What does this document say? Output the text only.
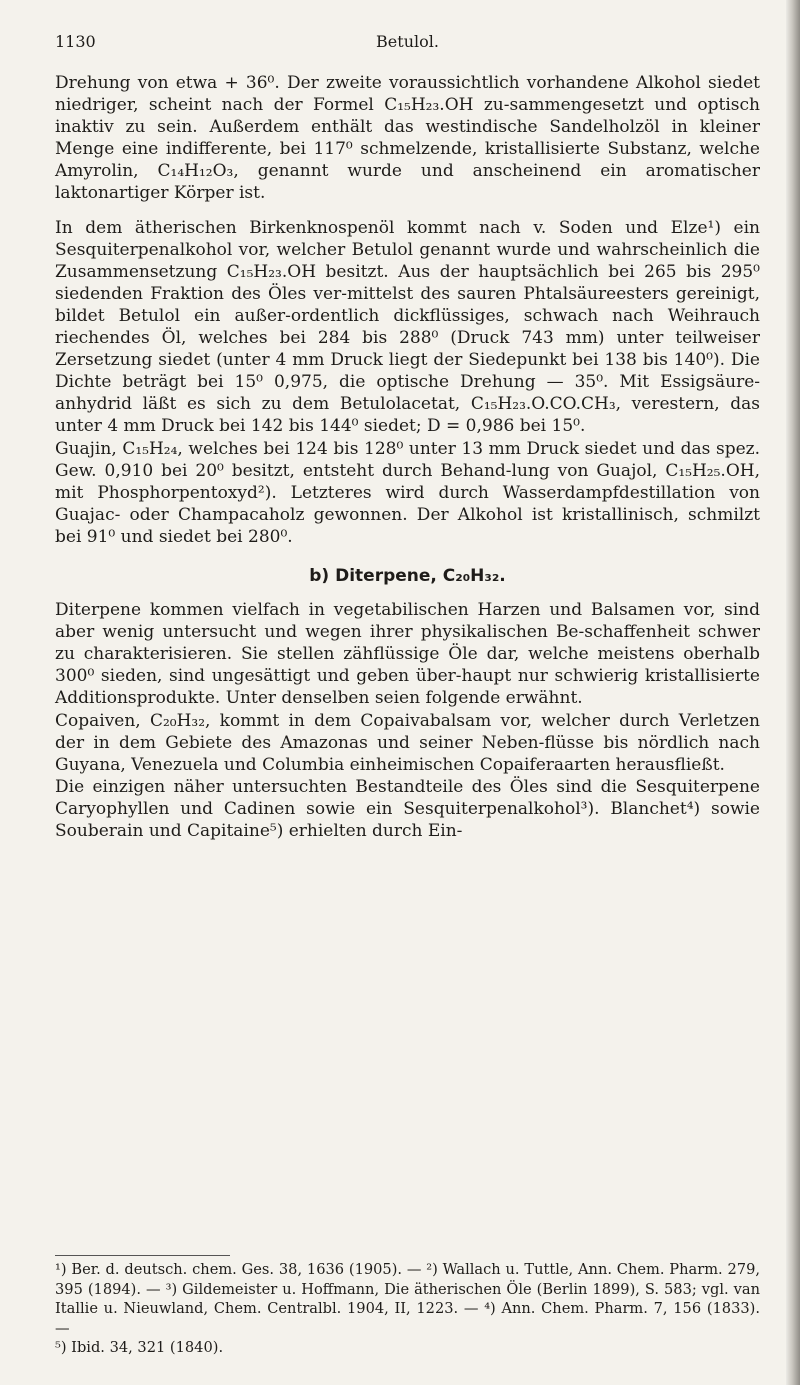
1130	Betulol.

Drehung von etwa + 36⁰. Der zweite voraussichtlich vorhandene Alkohol siedet niedriger, scheint nach der Formel C₁₅H₂₃.OH zu-sammengesetzt und optisch inaktiv zu sein. Außerdem enthält das westindische Sandelholzöl in kleiner Menge eine indifferente, bei 117⁰ schmelzende, kristallisierte Substanz, welche Amyrolin, C₁₄H₁₂O₃, genannt wurde und anscheinend ein aromatischer laktonartiger Körper ist.

In dem ätherischen Birkenknospenöl kommt nach v. Soden und Elze¹) ein Sesquiterpenalkohol vor, welcher Betulol genannt wurde und wahrscheinlich die Zusammensetzung C₁₅H₂₃.OH besitzt. Aus der hauptsächlich bei 265 bis 295⁰ siedenden Fraktion des Öles ver-mittelst des sauren Phtalsäureesters gereinigt, bildet Betulol ein außer-ordentlich dickflüssiges, schwach nach Weihrauch riechendes Öl, welches bei 284 bis 288⁰ (Druck 743 mm) unter teilweiser Zersetzung siedet (unter 4 mm Druck liegt der Siedepunkt bei 138 bis 140⁰). Die Dichte beträgt bei 15⁰ 0,975, die optische Drehung — 35⁰. Mit Essigsäure-anhydrid läßt es sich zu dem Betulolacetat, C₁₅H₂₃.O.CO.CH₃, verestern, das unter 4 mm Druck bei 142 bis 144⁰ siedet; D = 0,986 bei 15⁰.

Guajin, C₁₅H₂₄, welches bei 124 bis 128⁰ unter 13 mm Druck siedet und das spez. Gew. 0,910 bei 20⁰ besitzt, entsteht durch Behand-lung von Guajol, C₁₅H₂₅.OH, mit Phosphorpentoxyd²). Letzteres wird durch Wasserdampfdestillation von Guajac- oder Champacaholz gewonnen. Der Alkohol ist kristallinisch, schmilzt bei 91⁰ und siedet bei 280⁰.

b) Diterpene, C₂₀H₃₂.

Diterpene kommen vielfach in vegetabilischen Harzen und Balsamen vor, sind aber wenig untersucht und wegen ihrer physikalischen Be-schaffenheit schwer zu charakterisieren. Sie stellen zähflüssige Öle dar, welche meistens oberhalb 300⁰ sieden, sind ungesättigt und geben über-haupt nur schwierig kristallisierte Additionsprodukte. Unter denselben seien folgende erwähnt.

Copaiven, C₂₀H₃₂, kommt in dem Copaivabalsam vor, welcher durch Verletzen der in dem Gebiete des Amazonas und seiner Neben-flüsse bis nördlich nach Guyana, Venezuela und Columbia einheimischen Copaiferaarten herausfließt.

Die einzigen näher untersuchten Bestandteile des Öles sind die Sesquiterpene Caryophyllen und Cadinen sowie ein Sesquiterpenalkohol³). Blanchet⁴) sowie Souberain und Capitaine⁵) erhielten durch Ein-

¹) Ber. d. deutsch. chem. Ges. 38, 1636 (1905). — ²) Wallach u. Tuttle, Ann. Chem. Pharm. 279, 395 (1894). — ³) Gildemeister u. Hoffmann, Die ätherischen Öle (Berlin 1899), S. 583; vgl. van Itallie u. Nieuwland, Chem. Centralbl. 1904, II, 1223. — ⁴) Ann. Chem. Pharm. 7, 156 (1833). —

⁵) Ibid. 34, 321 (1840).
